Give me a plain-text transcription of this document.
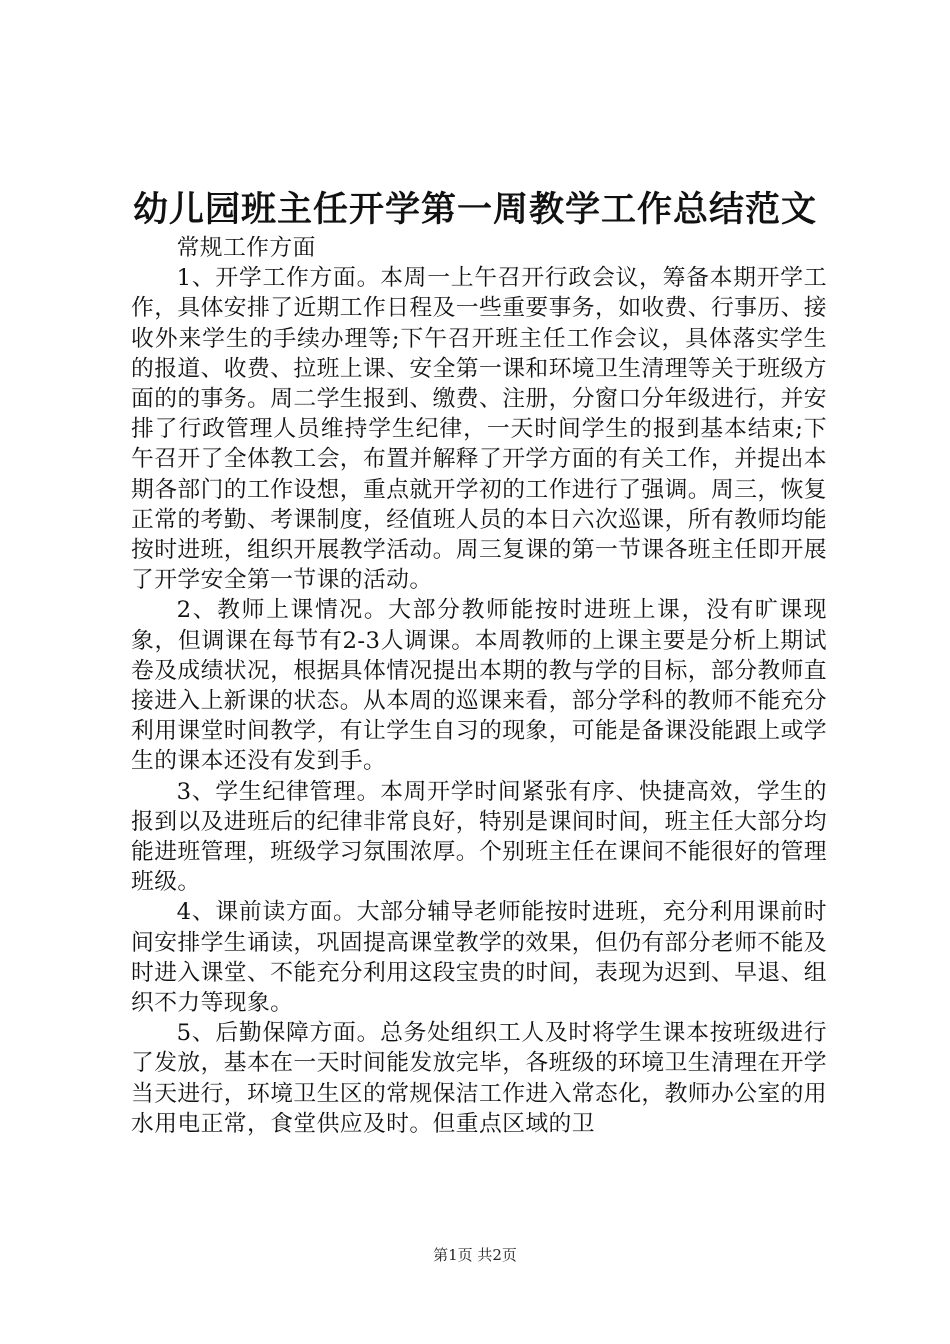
幼儿园班主任开学第一周教学工作总结范文

常规工作方面

1、开学工作方面。本周一上午召开行政会议，筹备本期开学工作，具体安排了近期工作日程及一些重要事务，如收费、行事历、接收外来学生的手续办理等;下午召开班主任工作会议，具体落实学生的报道、收费、拉班上课、安全第一课和环境卫生清理等关于班级方面的的事务。周二学生报到、缴费、注册，分窗口分年级进行，并安排了行政管理人员维持学生纪律，一天时间学生的报到基本结束;下午召开了全体教工会，布置并解释了开学方面的有关工作，并提出本期各部门的工作设想，重点就开学初的工作进行了强调。周三，恢复正常的考勤、考课制度，经值班人员的本日六次巡课，所有教师均能按时进班，组织开展教学活动。周三复课的第一节课各班主任即开展了开学安全第一节课的活动。

2、教师上课情况。大部分教师能按时进班上课，没有旷课现象，但调课在每节有2-3人调课。本周教师的上课主要是分析上期试卷及成绩状况，根据具体情况提出本期的教与学的目标，部分教师直接进入上新课的状态。从本周的巡课来看，部分学科的教师不能充分利用课堂时间教学，有让学生自习的现象，可能是备课没能跟上或学生的课本还没有发到手。

3、学生纪律管理。本周开学时间紧张有序、快捷高效，学生的报到以及进班后的纪律非常良好，特别是课间时间，班主任大部分均能进班管理，班级学习氛围浓厚。个别班主任在课间不能很好的管理班级。

4、课前读方面。大部分辅导老师能按时进班，充分利用课前时间安排学生诵读，巩固提高课堂教学的效果，但仍有部分老师不能及时进入课堂、不能充分利用这段宝贵的时间，表现为迟到、早退、组织不力等现象。

5、后勤保障方面。总务处组织工人及时将学生课本按班级进行了发放，基本在一天时间能发放完毕，各班级的环境卫生清理在开学当天进行，环境卫生区的常规保洁工作进入常态化，教师办公室的用水用电正常，食堂供应及时。但重点区域的卫

第1页 共2页
